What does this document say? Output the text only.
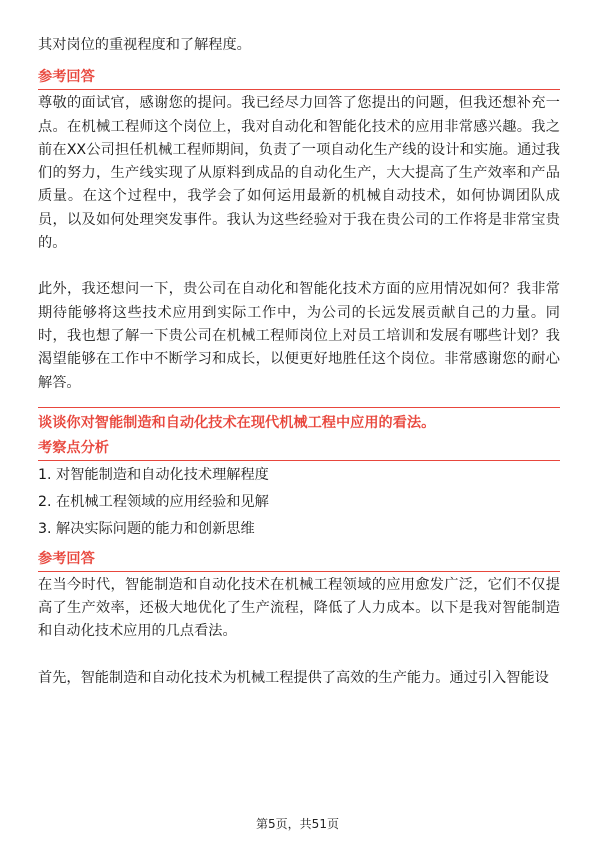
其对岗位的重视程度和了解程度。

参考回答

尊敬的面试官，感谢您的提问。我已经尽力回答了您提出的问题，但我还想补充一点。在机械工程师这个岗位上，我对自动化和智能化技术的应用非常感兴趣。我之前在XX公司担任机械工程师期间，负责了一项自动化生产线的设计和实施。通过我们的努力，生产线实现了从原料到成品的自动化生产，大大提高了生产效率和产品质量。在这个过程中，我学会了如何运用最新的机械自动技术，如何协调团队成员，以及如何处理突发事件。我认为这些经验对于我在贵公司的工作将是非常宝贵的。

此外，我还想问一下，贵公司在自动化和智能化技术方面的应用情况如何？我非常期待能够将这些技术应用到实际工作中，为公司的长远发展贡献自己的力量。同时，我也想了解一下贵公司在机械工程师岗位上对员工培训和发展有哪些计划？我渴望能够在工作中不断学习和成长，以便更好地胜任这个岗位。非常感谢您的耐心解答。

谈谈你对智能制造和自动化技术在现代机械工程中应用的看法。

考察点分析

1. 对智能制造和自动化技术理解程度

2. 在机械工程领域的应用经验和见解

3. 解决实际问题的能力和创新思维

参考回答

在当今时代，智能制造和自动化技术在机械工程领域的应用愈发广泛，它们不仅提高了生产效率，还极大地优化了生产流程，降低了人力成本。以下是我对智能制造和自动化技术应用的几点看法。

首先，智能制造和自动化技术为机械工程提供了高效的生产能力。通过引入智能设

第5页，共51页
